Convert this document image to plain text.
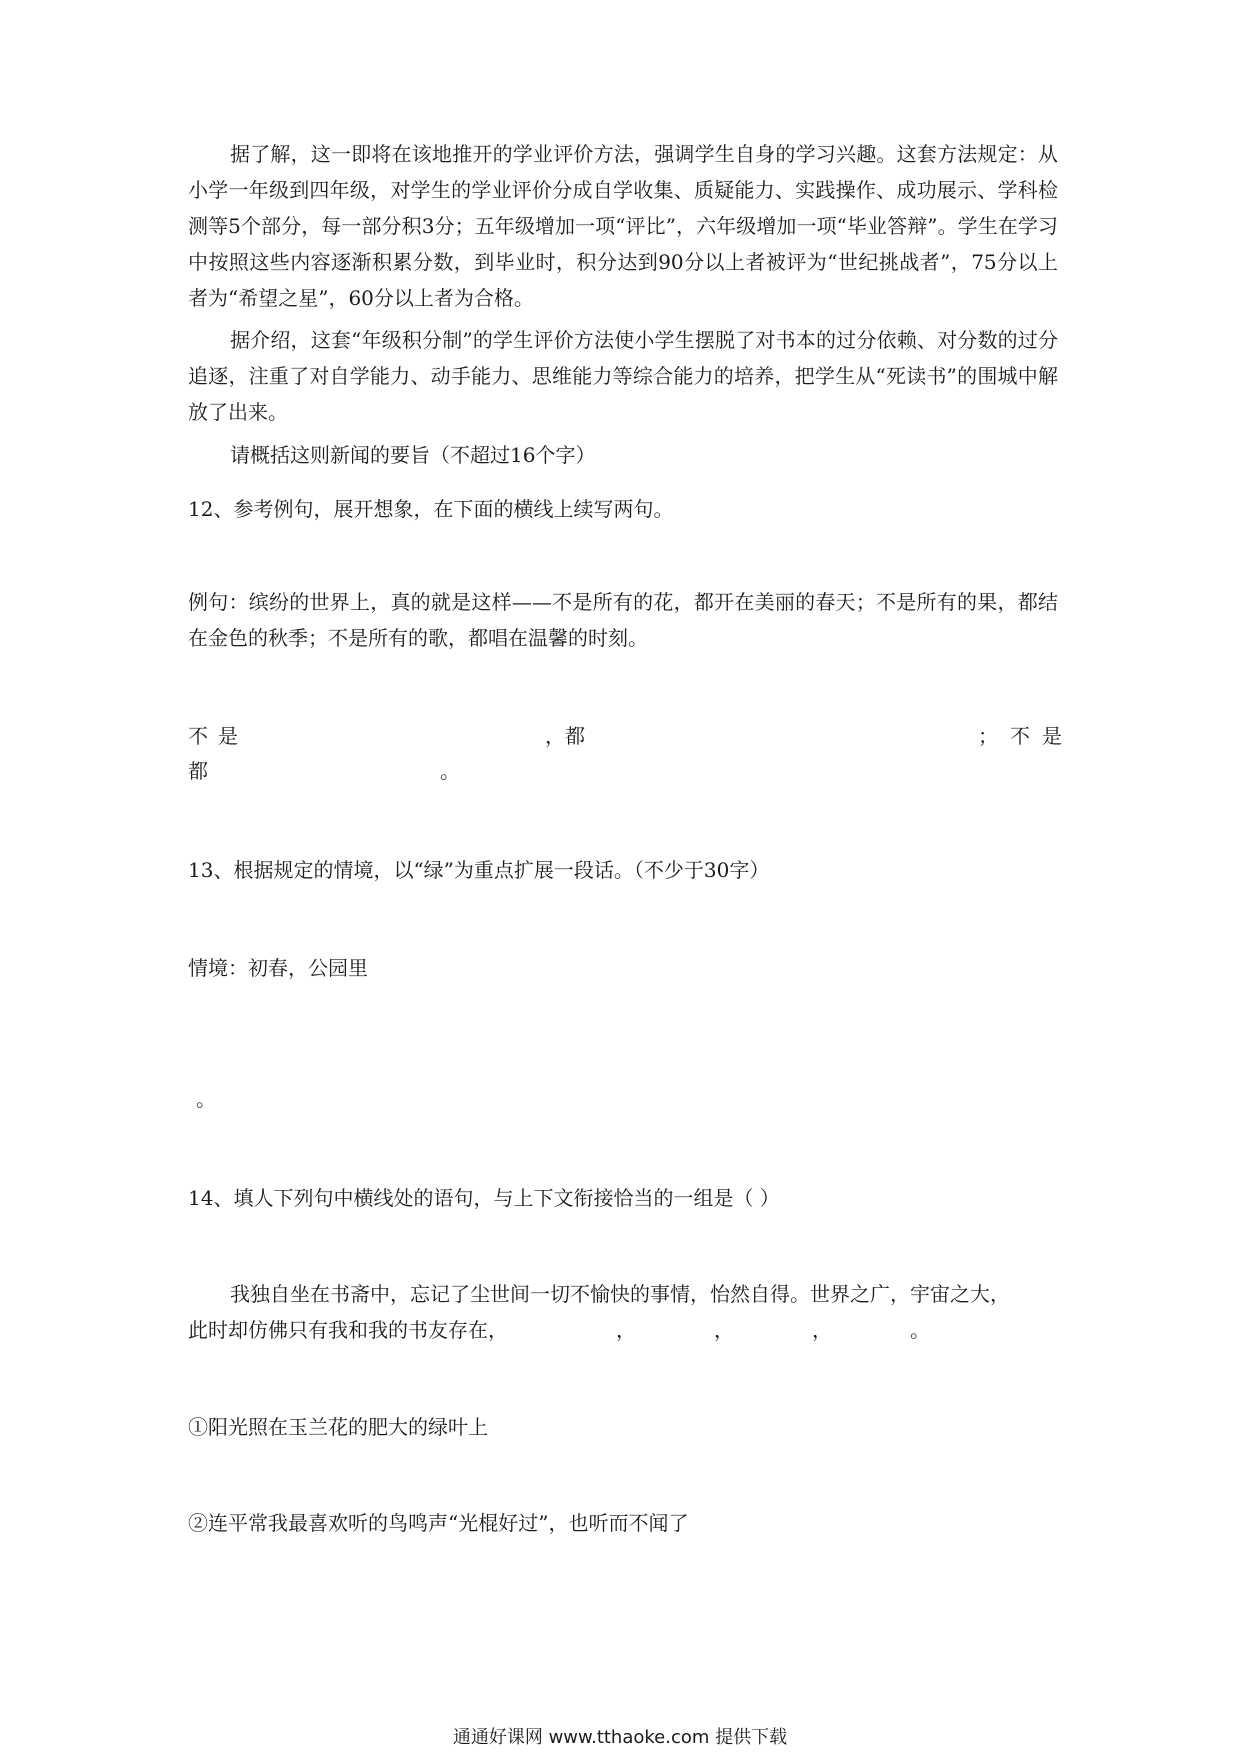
据了解，这一即将在该地推开的学业评价方法，强调学生自身的学习兴趣。这套方法规定：从小学一年级到四年级，对学生的学业评价分成自学收集、质疑能力、实践操作、成功展示、学科检测等5个部分，每一部分积3分；五年级增加一项“评比”，六年级增加一项“毕业答辩”。学生在学习中按照这些内容逐渐积累分数，到毕业时，积分达到90分以上者被评为“世纪挑战者”，75分以上者为“希望之星”，60分以上者为合格。

据介绍，这套“年级积分制”的学生评价方法使小学生摆脱了对书本的过分依赖、对分数的过分追逐，注重了对自学能力、动手能力、思维能力等综合能力的培养，把学生从“死读书”的围城中解放了出来。

请概括这则新闻的要旨（不超过16个字）

12、参考例句，展开想象，在下面的横线上续写两句。

例句：缤纷的世界上，真的就是这样——不是所有的花，都开在美丽的春天；不是所有的果，都结在金色的秋季；不是所有的歌，都唱在温馨的时刻。

不是	，都	；不是
都	。

13、根据规定的情境，以“绿”为重点扩展一段话。（不少于30字）

情境：初春，公园里

。

14、填人下列句中横线处的语句，与上下文衔接恰当的一组是（ ）

我独自坐在书斋中，忘记了尘世间一切不愉快的事情，怡然自得。世界之广，宇宙之大，

此时却仿佛只有我和我的书友存在，	，	，	，	。

①阳光照在玉兰花的肥大的绿叶上

②连平常我最喜欢听的鸟鸣声“光棍好过”，也听而不闻了

通通好课网 www.tthaoke.com 提供下载
